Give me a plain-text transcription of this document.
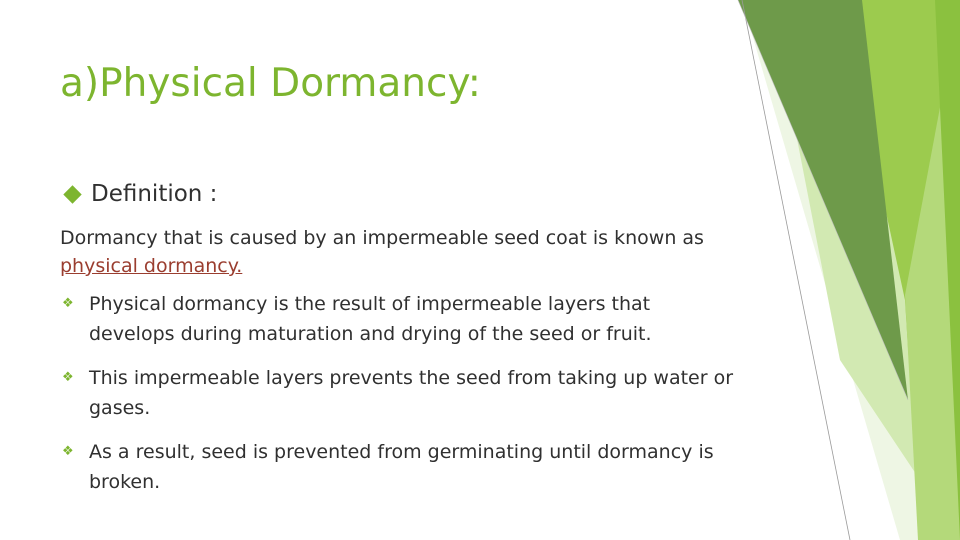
a)Physical Dormancy:
Definition :

Dormancy that is caused by an impermeable seed coat is known as physical dormancy.

❖ Physical dormancy is the result of impermeable layers that develops during maturation and drying of the seed or fruit.
❖ This impermeable layers prevents the seed from taking up water or gases.
❖ As a result, seed is prevented from germinating until dormancy is broken.
